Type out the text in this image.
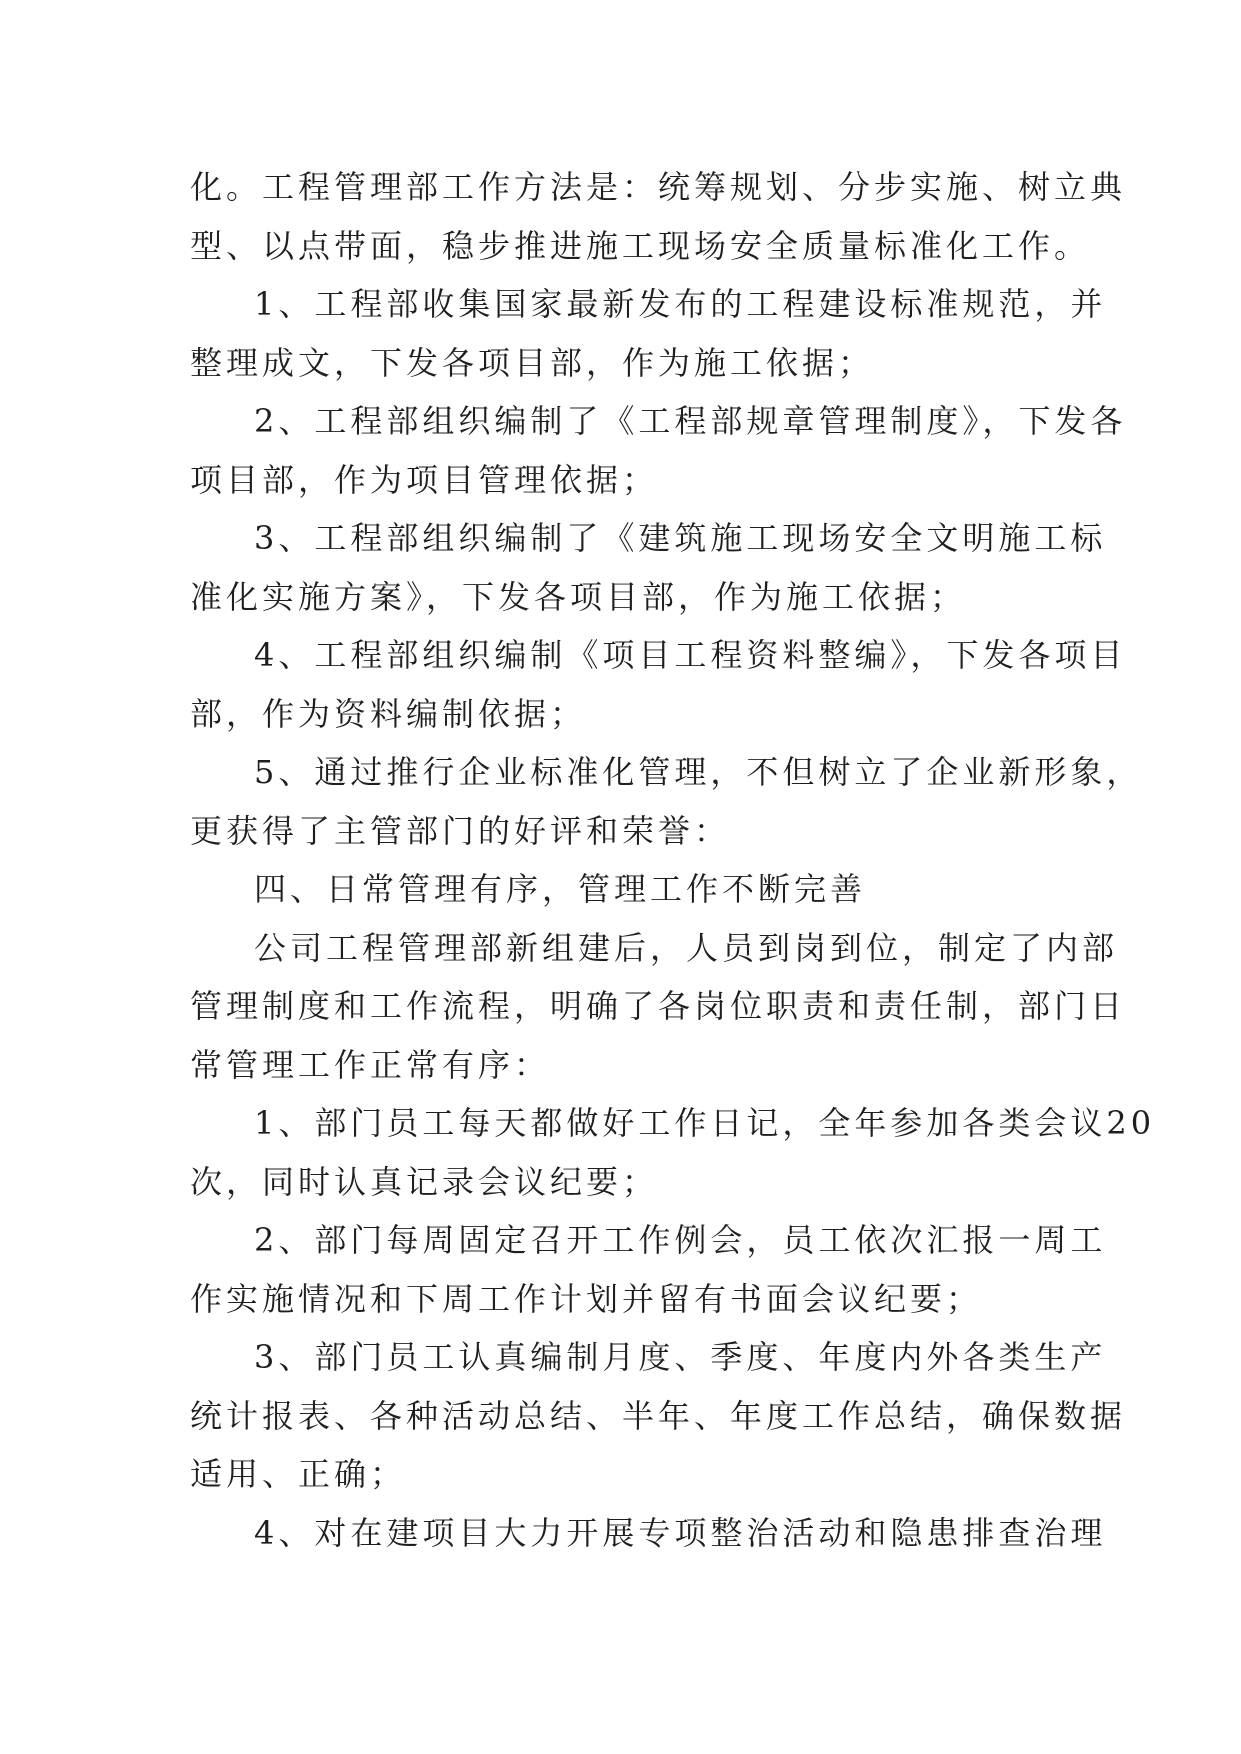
化。工程管理部工作方法是：统筹规划、分步实施、树立典
型、以点带面，稳步推进施工现场安全质量标准化工作。
1、工程部收集国家最新发布的工程建设标准规范，并
整理成文，下发各项目部，作为施工依据；
2、工程部组织编制了《工程部规章管理制度》，下发各
项目部，作为项目管理依据；
3、工程部组织编制了《建筑施工现场安全文明施工标
准化实施方案》，下发各项目部，作为施工依据；
4、工程部组织编制《项目工程资料整编》，下发各项目
部，作为资料编制依据；
5、通过推行企业标准化管理，不但树立了企业新形象，
更获得了主管部门的好评和荣誉：
四、日常管理有序，管理工作不断完善
公司工程管理部新组建后，人员到岗到位，制定了内部
管理制度和工作流程，明确了各岗位职责和责任制，部门日
常管理工作正常有序：
1、部门员工每天都做好工作日记，全年参加各类会议20
次，同时认真记录会议纪要；
2、部门每周固定召开工作例会，员工依次汇报一周工
作实施情况和下周工作计划并留有书面会议纪要；
3、部门员工认真编制月度、季度、年度内外各类生产
统计报表、各种活动总结、半年、年度工作总结，确保数据
适用、正确；
4、对在建项目大力开展专项整治活动和隐患排查治理
